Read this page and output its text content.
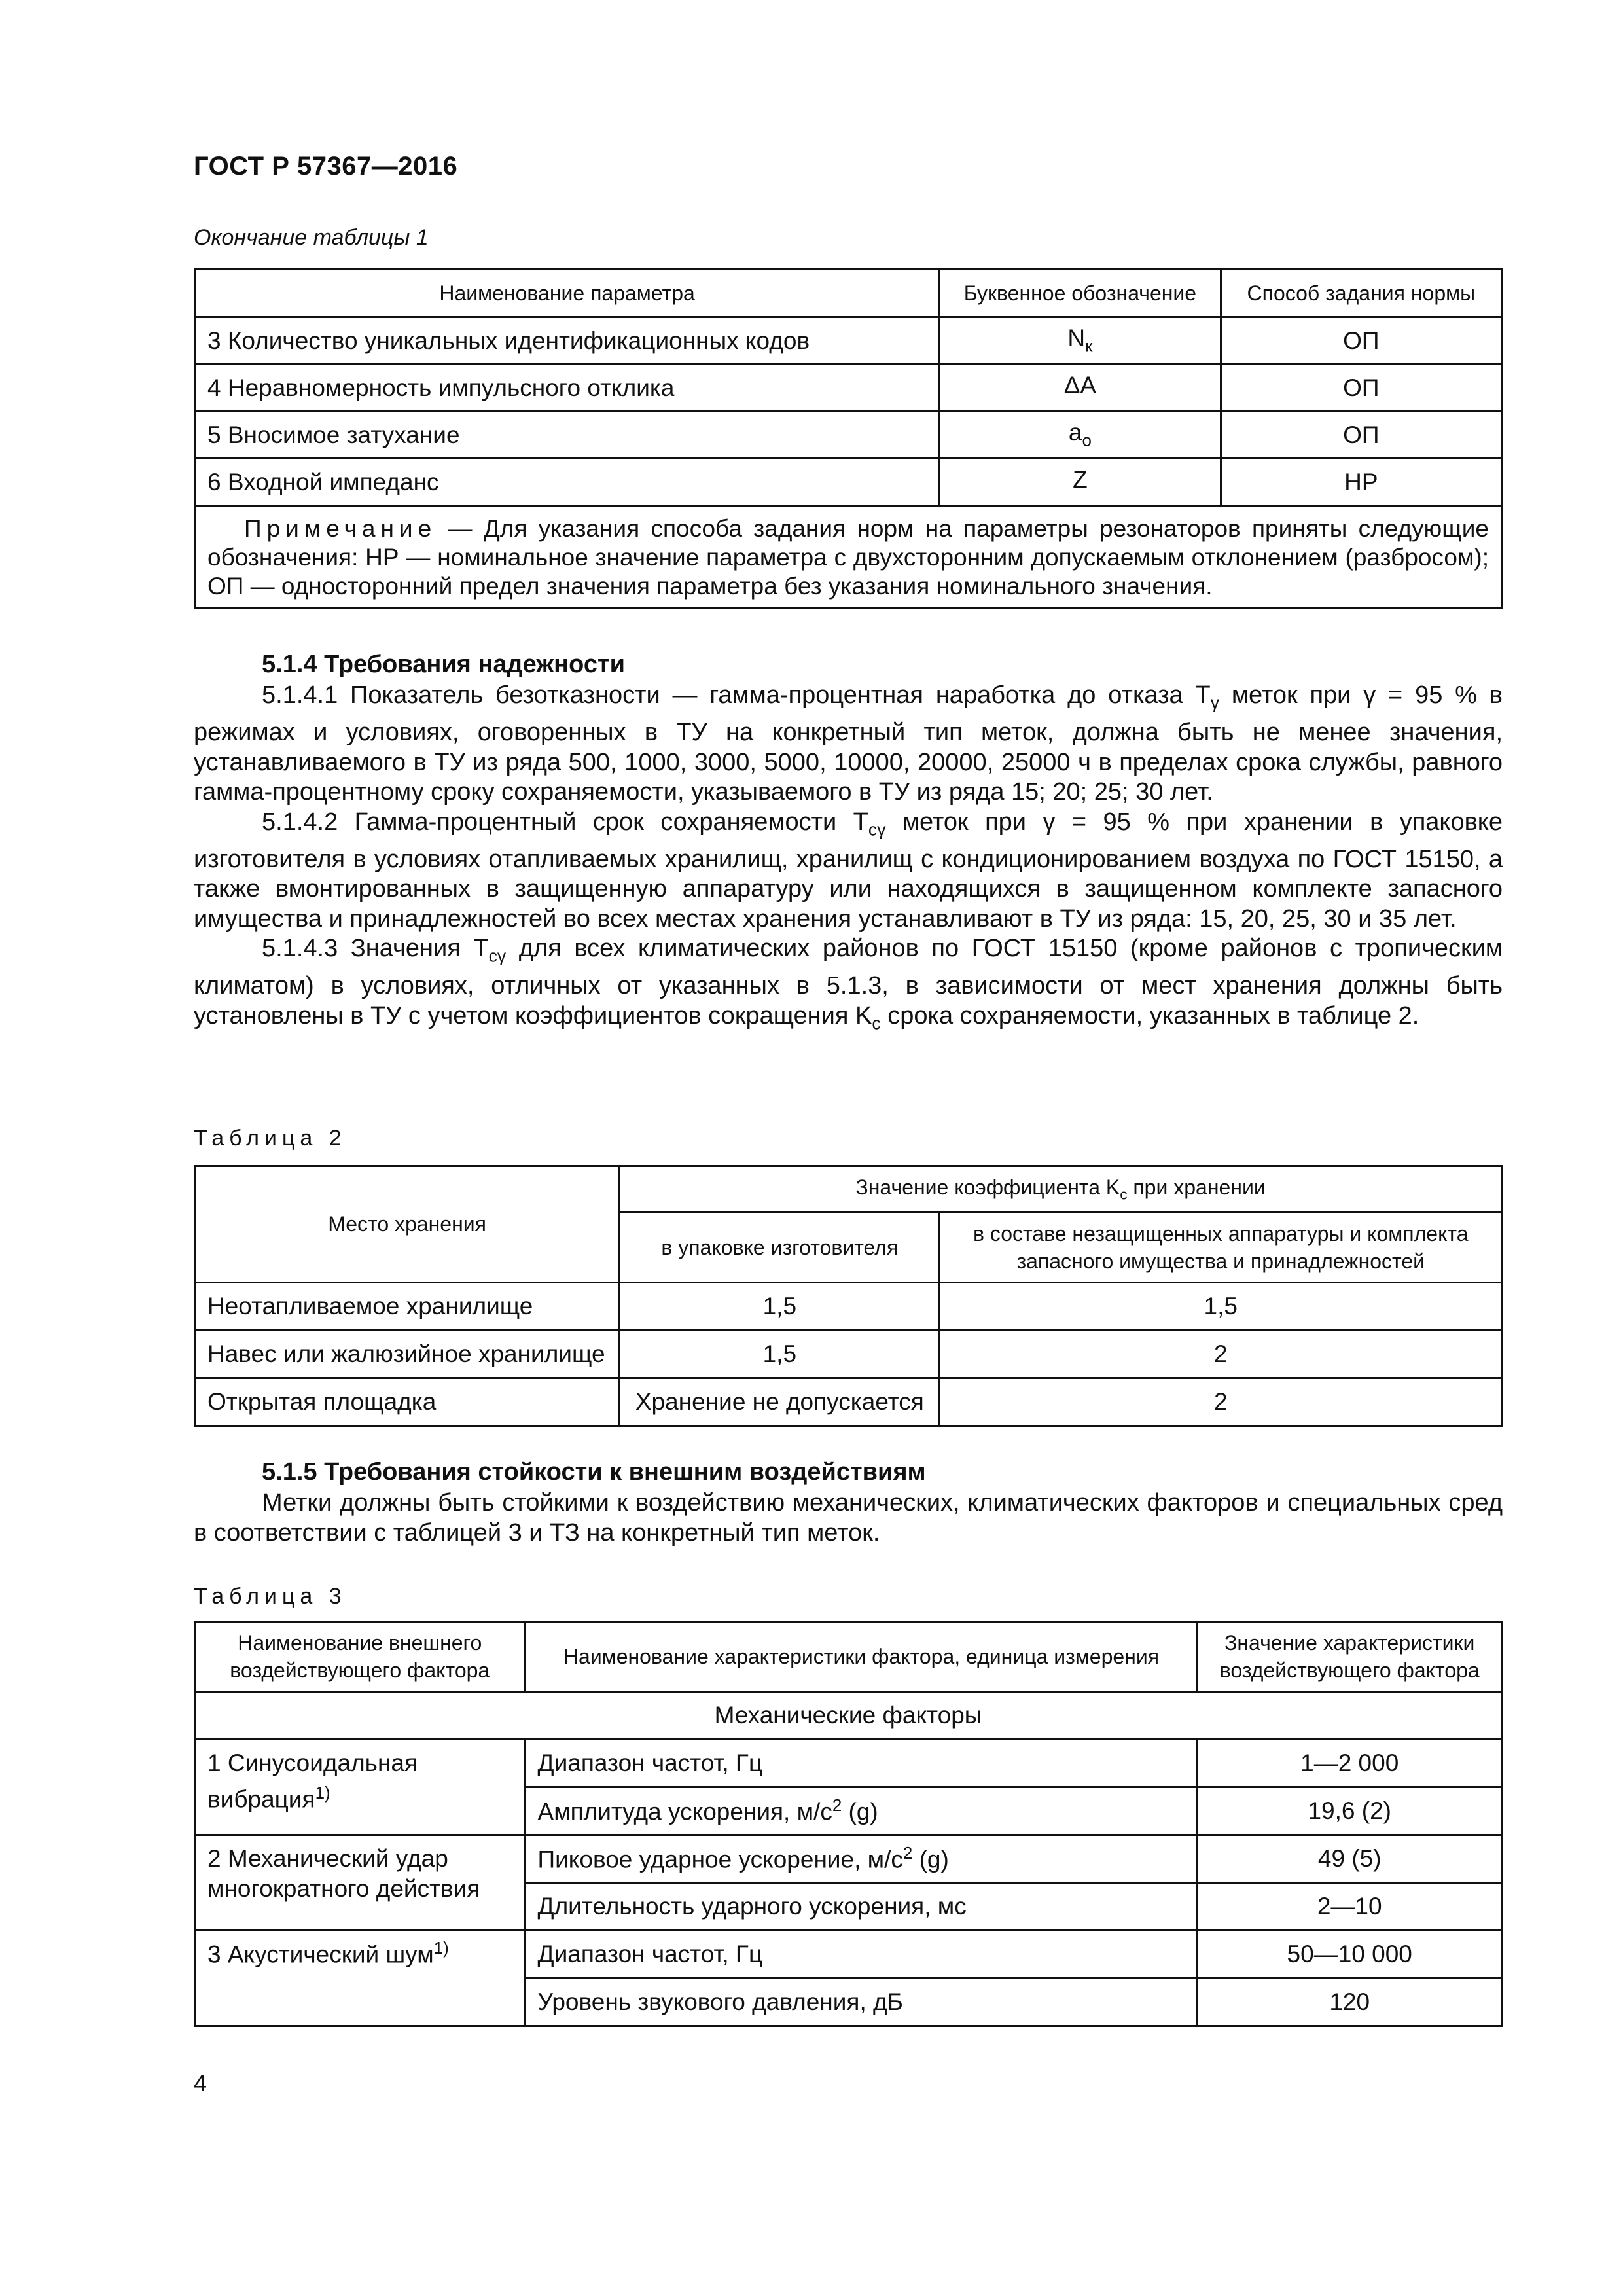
ГОСТ Р 57367—2016
Окончание таблицы 1
Наименование параметра	Буквенное обозначение	Способ задания нормы
3 Количество уникальных идентификационных кодов	$N_к$	ОП
4 Неравномерность импульсного отклика	ΔA	ОП
5 Вносимое затухание	$a_о$	ОП
6 Входной импеданс	Z	НР
Примечание — Для указания способа задания норм на параметры резонаторов приняты следующие обозначения: НР — номинальное значение параметра с двухсторонним допускаемым отклонением (разбросом); ОП — односторонний предел значения параметра без указания номинального значения.		
5.1.4 Требования надежности

5.1.4.1 Показатель безотказности — гамма-процентная наработка до отказа $T_\gamma$ меток при γ = 95 % в режимах и условиях, оговоренных в ТУ на конкретный тип меток, должна быть не менее значения, устанавливаемого в ТУ из ряда 500, 1000, 3000, 5000, 10000, 20000, 25000 ч в пределах срока службы, равного гамма-процентному сроку сохраняемости, указываемого в ТУ из ряда 15; 20; 25; 30 лет.

5.1.4.2 Гамма-процентный срок сохраняемости $T_{с\gamma}$ меток при γ = 95 % при хранении в упаковке изготовителя в условиях отапливаемых хранилищ, хранилищ с кондиционированием воздуха по ГОСТ 15150, а также вмонтированных в защищенную аппаратуру или находящихся в защищенном комплекте запасного имущества и принадлежностей во всех местах хранения устанавливают в ТУ из ряда: 15, 20, 25, 30 и 35 лет.

5.1.4.3 Значения $T_{с\gamma}$ для всех климатических районов по ГОСТ 15150 (кроме районов с тропическим климатом) в условиях, отличных от указанных в 5.1.3, в зависимости от мест хранения должны быть установлены в ТУ с учетом коэффициентов сокращения $K_с$ срока сохраняемости, указанных в таблице 2.

Таблица 2
Место хранения	Значение коэффициента $K_с$ при хранении	
	в упаковке изготовителя	в составе незащищенных аппаратуры и комплекта запасного имущества и принадлежностей
Неотапливаемое хранилище	1,5	1,5
Навес или жалюзийное хранилище	1,5	2
Открытая площадка	Хранение не допускается	2
5.1.5 Требования стойкости к внешним воздействиям

Метки должны быть стойкими к воздействию механических, климатических факторов и специальных сред в соответствии с таблицей 3 и ТЗ на конкретный тип меток.

Таблица 3
Наименование внешнего воздействующего фактора	Наименование характеристики фактора, единица измерения	Значение характеристики воздействующего фактора
Механические факторы		
1 Синусоидальная вибрация$^{1)}$	Диапазон частот, Гц	1—2 000
	Амплитуда ускорения, $м/с^2$ (g)	19,6 (2)
2 Механический удар многократного действия	Пиковое ударное ускорение, $м/с^2$ (g)	49 (5)
	Длительность ударного ускорения, мс	2—10
3 Акустический шум$^{1)}$	Диапазон частот, Гц	50—10 000
	Уровень звукового давления, дБ	120
4
